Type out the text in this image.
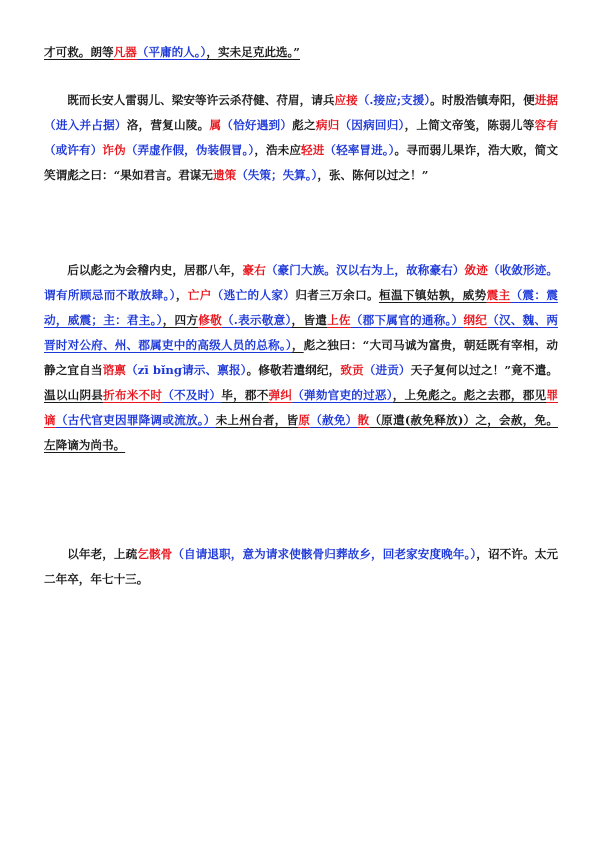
才可救。朗等凡器（平庸的人。），实未足克此选。”

既而长安人雷弱儿、梁安等许云杀苻健、苻眉，请兵应接（.接应;支援）。时殷浩镇寿阳，便进据（进入并占据）洛，营复山陵。属（恰好遇到）彪之病归（因病回归），上简文帝笺，陈弱儿等容有（或许有）诈伪（弄虚作假，伪装假冒。），浩未应轻进（轻率冒进。）。寻而弱儿果诈，浩大败，简文笑谓彪之曰：“果如君言。君谋无遗策（失策；失算。），张、陈何以过之！”

后以彪之为会稽内史，居郡八年，豪右（豪门大族。汉以右为上，故称豪右）敛迹（收敛形迹。谓有所顾忌而不敢放肆。），亡户（逃亡的人家）归者三万余口。桓温下镇姑孰，威势震主（震：震动，威震；主：君主。），四方修敬（.表示敬意），皆遣上佐（郡下属官的通称。）纲纪（汉、魏、两晋时对公府、州、郡属吏中的高级人员的总称。），彪之独曰：“大司马诚为富贵，朝廷既有宰相，动静之宜自当谘禀（zī bǐng请示、禀报）。修敬若遣纲纪，致贡（进贡）天子复何以过之！”竟不遣。温以山阴县折布米不时（不及时）毕，郡不弹纠（弹劾官吏的过恶），上免彪之。彪之去郡，郡见罪谪（古代官吏因罪降调或流放。）未上州台者，皆原（赦免）散（原遣(赦免释放)）之，会赦，免。左降谪为尚书。

以年老，上疏乞骸骨（自请退职，意为请求使骸骨归葬故乡，回老家安度晚年。），诏不许。太元二年卒，年七十三。
